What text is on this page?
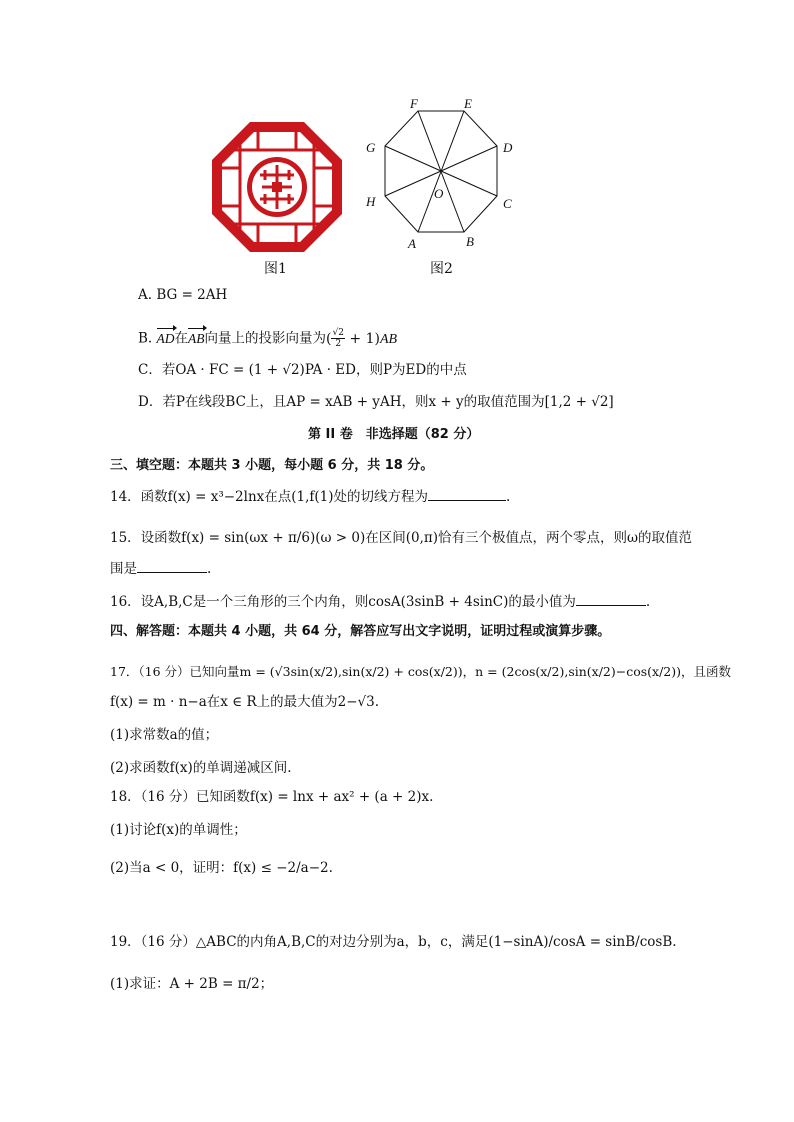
图1
F	E
D
C
B
A
H
G
O
图2
A. BG = 2AH
B. AD在AB向量上的投影向量为( $\frac{√2}{2} + 1)AB$
C．若OA · FC = (1 + √2)PA · ED，则P为ED的中点
D．若P在线段BC上，且AP = xAB + yAH，则x + y的取值范围为[1,2 + √2]
第 II 卷　非选择题（82 分）
三、填空题：本题共 3 小题，每小题 6 分，共 18 分。
14．函数f(x) = x³−2lnx在点(1,f(1)处的切线方程为	.
15．设函数f(x) = sin(ωx + π/6)(ω > 0)在区间(0,π)恰有三个极值点，两个零点，则ω的取值范
围是	.
16．设A,B,C是一个三角形的三个内角，则cosA(3sinB + 4sinC)的最小值为	.
四、解答题：本题共 4 小题，共 64 分，解答应写出文字说明，证明过程或演算步骤。
17．（16 分）已知向量m = (√3sin(x/2),sin(x/2) + cos(x/2))，n = (2cos(x/2),sin(x/2)−cos(x/2))，且函数
f(x) = m · n−a在x ∈ R上的最大值为2−√3.
(1)求常数a的值；
(2)求函数f(x)的单调递减区间.
18．（16 分）已知函数f(x) = lnx + ax² + (a + 2)x.
(1)讨论f(x)的单调性；
(2)当a < 0，证明：f(x) ≤ −2/a−2.
19．（16 分）△ABC的内角A,B,C的对边分别为a，b，c，满足(1−sinA)/cosA = sinB/cosB.
(1)求证：A + 2B = π/2；
